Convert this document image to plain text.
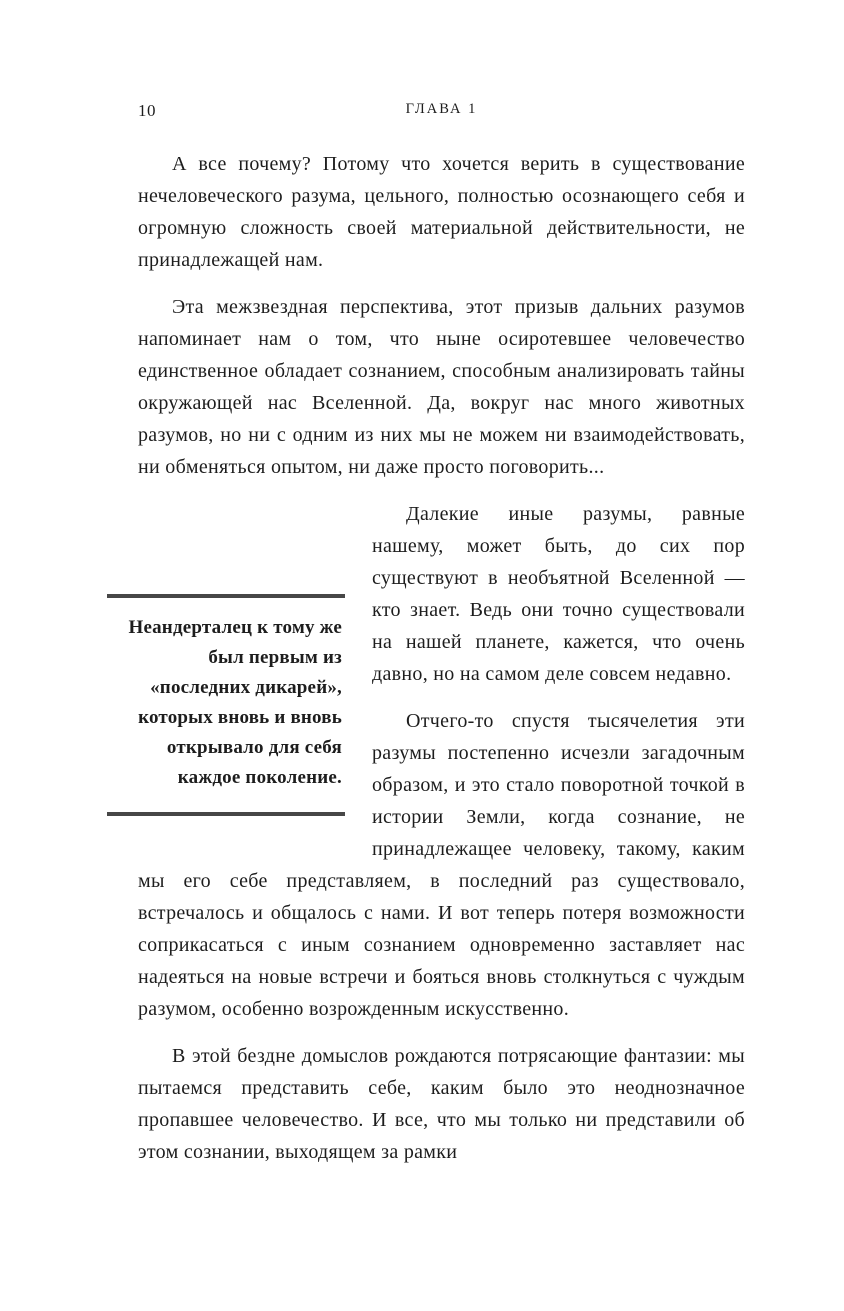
10	ГЛАВА 1

А все почему? Потому что хочется верить в существование нечеловеческого разума, цельного, полностью осознающего себя и огромную сложность своей материальной действительности, не принадлежащей нам.

Эта межзвездная перспектива, этот призыв дальних разумов напоминает нам о том, что ныне осиротевшее человечество единственное обладает сознанием, способным анализировать тайны окружающей нас Вселенной. Да, вокруг нас много животных разумов, но ни с одним из них мы не можем ни взаимодействовать, ни обменяться опытом, ни даже просто поговорить...

Неандерталец к тому же был первым из «последних дикарей», которых вновь и вновь открывало для себя каждое поколение.

Далекие иные разумы, равные нашему, может быть, до сих пор существуют в необъятной Вселенной — кто знает. Ведь они точно существовали на нашей планете, кажется, что очень давно, но на самом деле совсем недавно.

Отчего-то спустя тысячелетия эти разумы постепенно исчезли загадочным образом, и это стало поворотной точкой в истории Земли, когда сознание, не принадлежащее человеку, такому, каким мы его себе представляем, в последний раз существовало, встречалось и общалось с нами. И вот теперь потеря возможности соприкасаться с иным сознанием одновременно заставляет нас надеяться на новые встречи и бояться вновь столкнуться с чуждым разумом, особенно возрожденным искусственно.

В этой бездне домыслов рождаются потрясающие фантазии: мы пытаемся представить себе, каким было это неоднозначное пропавшее человечество. И все, что мы только ни представили об этом сознании, выходящем за рамки
